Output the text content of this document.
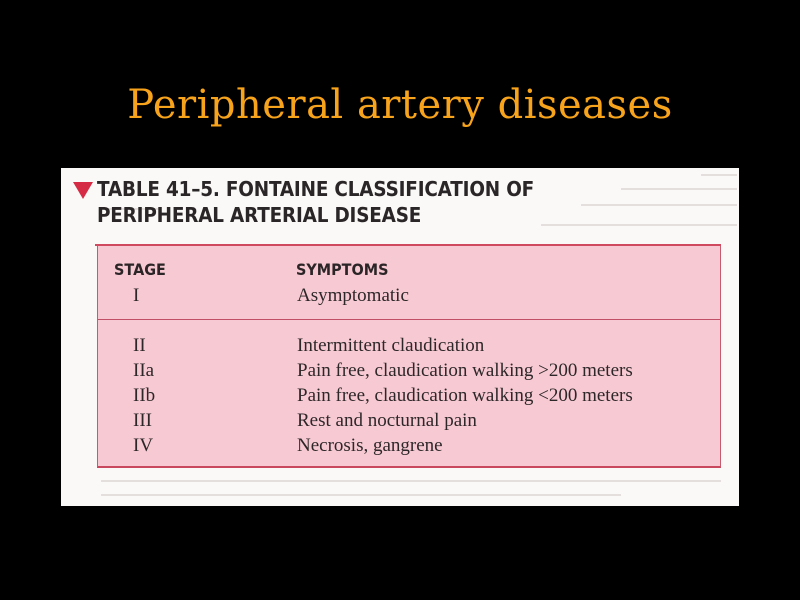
Peripheral artery diseases
TABLE 41–5. FONTAINE CLASSIFICATION OF
PERIPHERAL ARTERIAL DISEASE
STAGE	SYMPTOMS
I	Asymptomatic
II	Intermittent claudication
IIa	Pain free, claudication walking >200 meters
IIb	Pain free, claudication walking <200 meters
III	Rest and nocturnal pain
IV	Necrosis, gangrene
